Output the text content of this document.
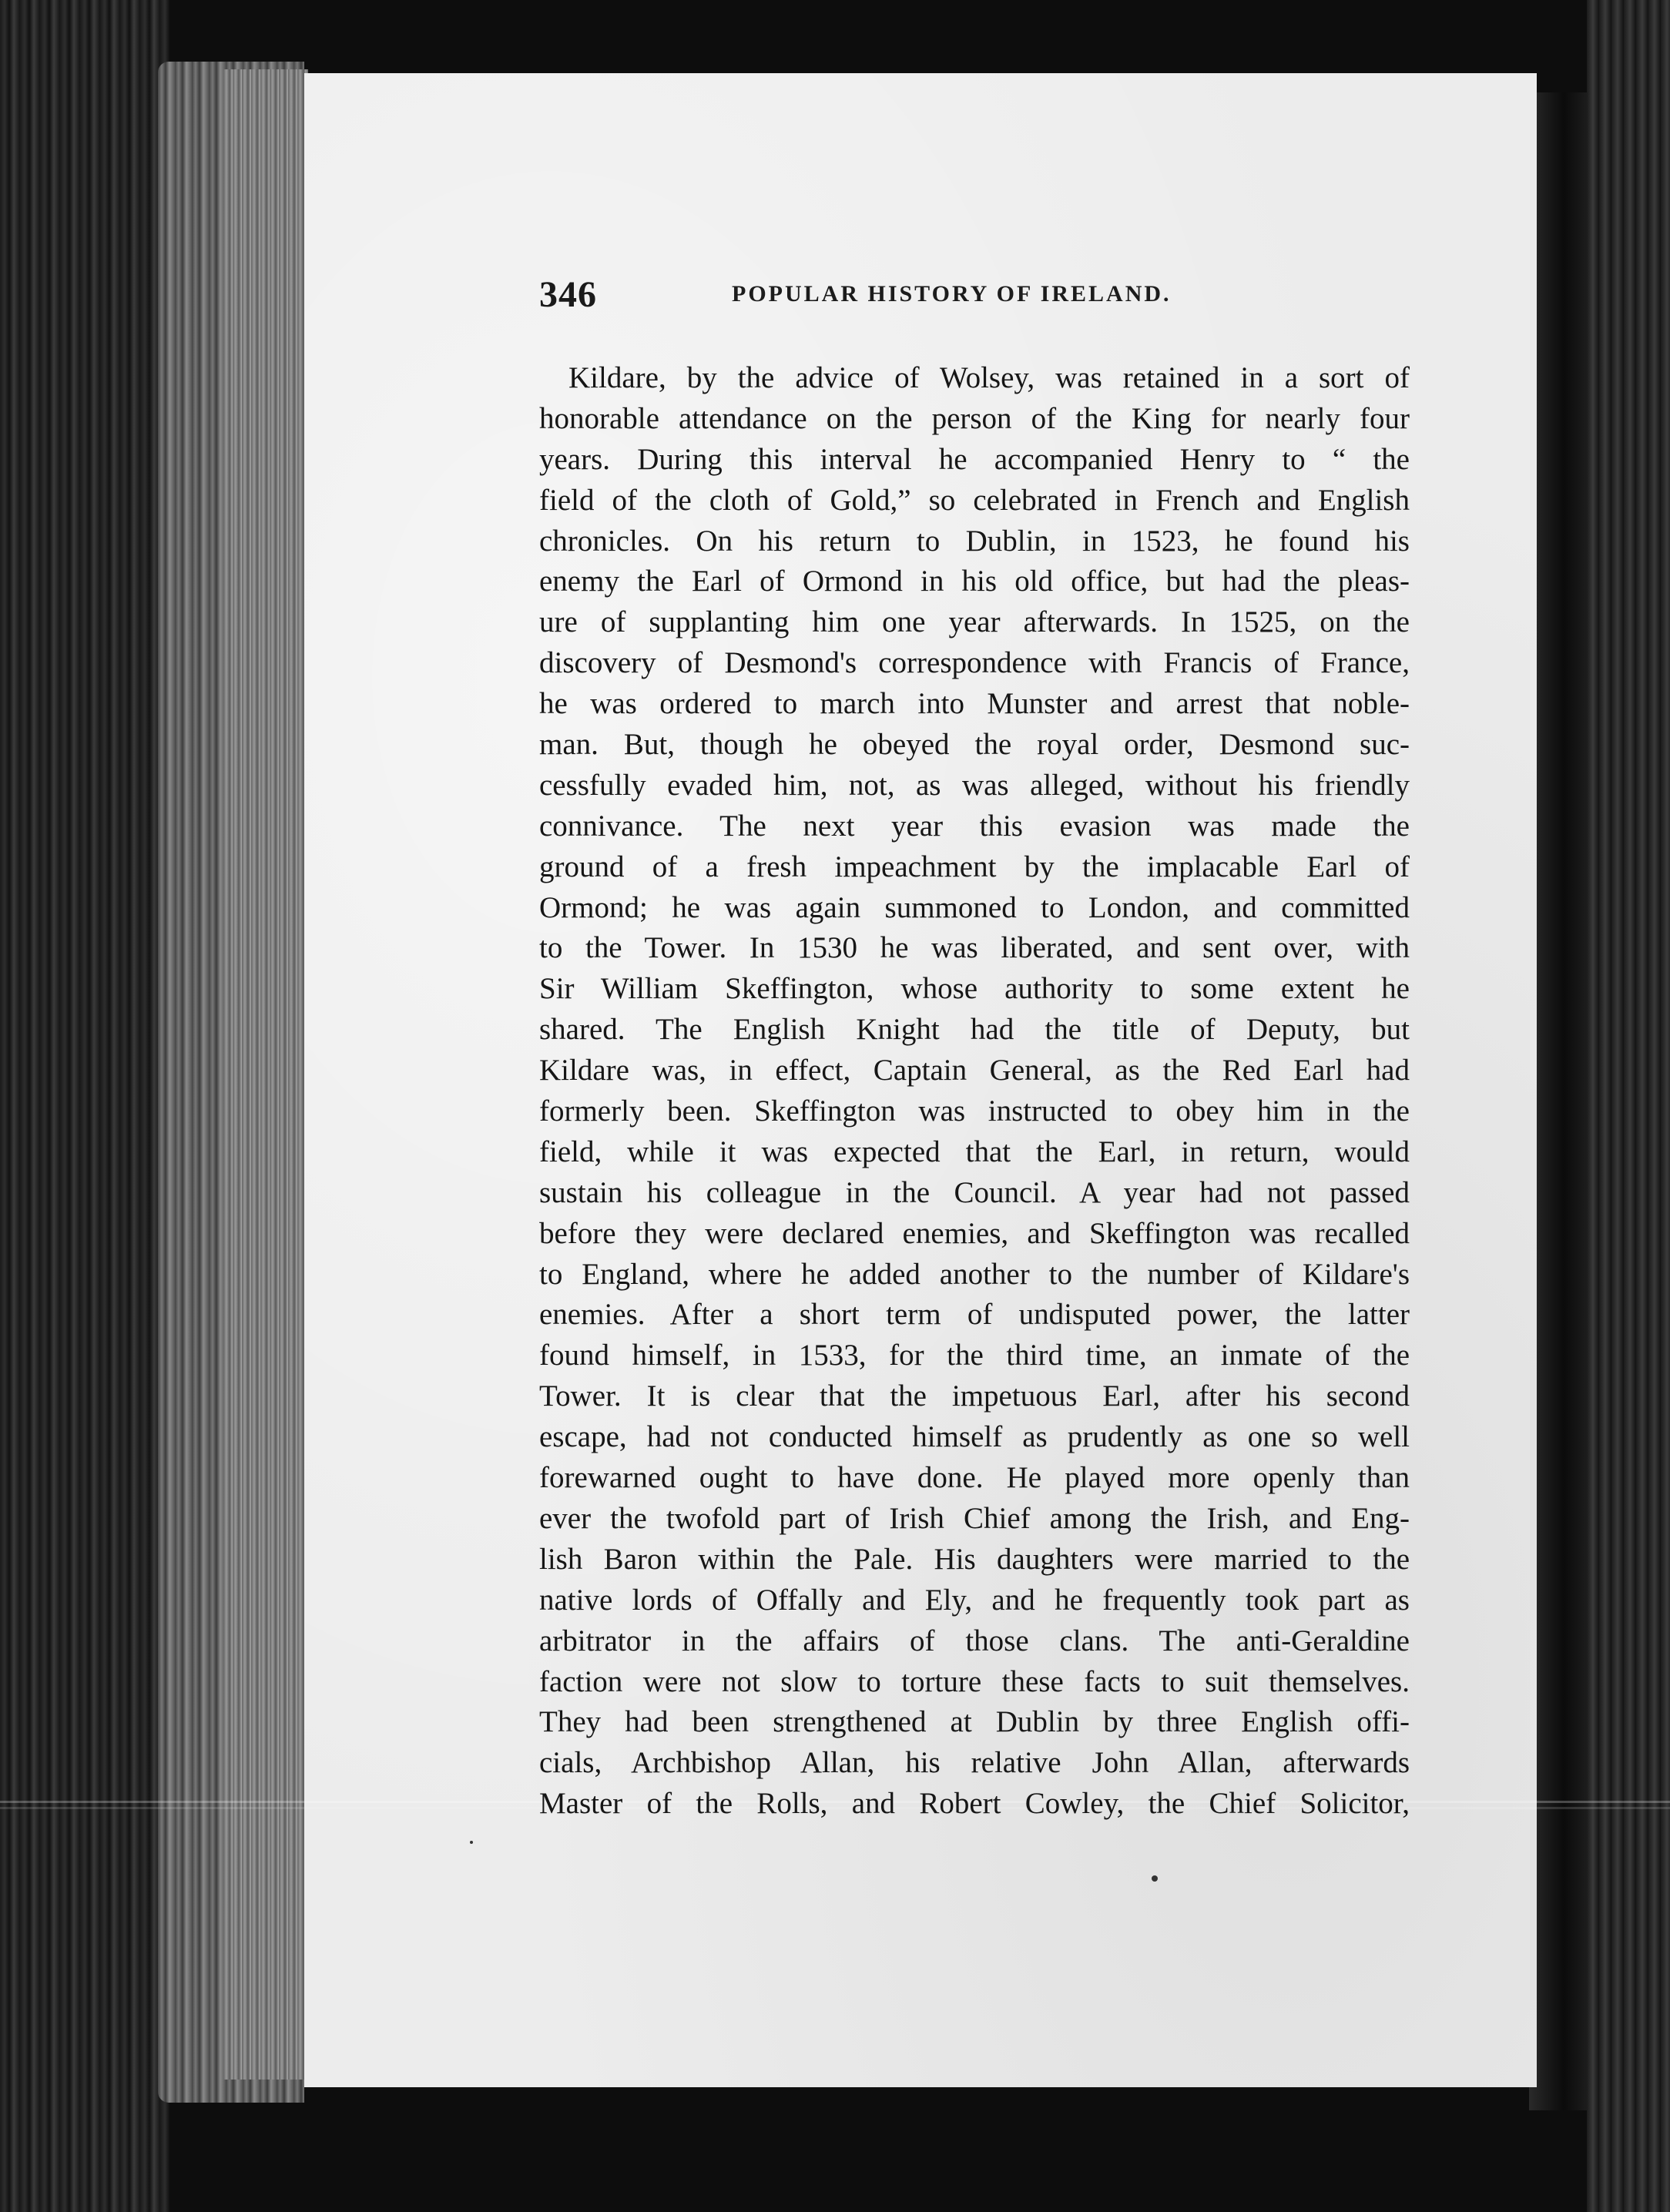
346	POPULAR HISTORY OF IRELAND.
Kildare, by the advice of Wolsey, was retained in a sort of
honorable attendance on the person of the King for nearly four
years. During this interval he accompanied Henry to “ the
field of the cloth of Gold,” so celebrated in French and English
chronicles. On his return to Dublin, in 1523, he found his
enemy the Earl of Ormond in his old office, but had the pleas-
ure of supplanting him one year afterwards. In 1525, on the
discovery of Desmond's correspondence with Francis of France,
he was ordered to march into Munster and arrest that noble-
man. But, though he obeyed the royal order, Desmond suc-
cessfully evaded him, not, as was alleged, without his friendly
connivance. The next year this evasion was made the
ground of a fresh impeachment by the implacable Earl of
Ormond; he was again summoned to London, and committed
to the Tower. In 1530 he was liberated, and sent over, with
Sir William Skeffington, whose authority to some extent he
shared. The English Knight had the title of Deputy, but
Kildare was, in effect, Captain General, as the Red Earl had
formerly been. Skeffington was instructed to obey him in the
field, while it was expected that the Earl, in return, would
sustain his colleague in the Council. A year had not passed
before they were declared enemies, and Skeffington was recalled
to England, where he added another to the number of Kildare's
enemies. After a short term of undisputed power, the latter
found himself, in 1533, for the third time, an inmate of the
Tower. It is clear that the impetuous Earl, after his second
escape, had not conducted himself as prudently as one so well
forewarned ought to have done. He played more openly than
ever the twofold part of Irish Chief among the Irish, and Eng-
lish Baron within the Pale. His daughters were married to the
native lords of Offally and Ely, and he frequently took part as
arbitrator in the affairs of those clans. The anti-Geraldine
faction were not slow to torture these facts to suit themselves.
They had been strengthened at Dublin by three English offi-
cials, Archbishop Allan, his relative John Allan, afterwards
Master of the Rolls, and Robert Cowley, the Chief Solicitor,
